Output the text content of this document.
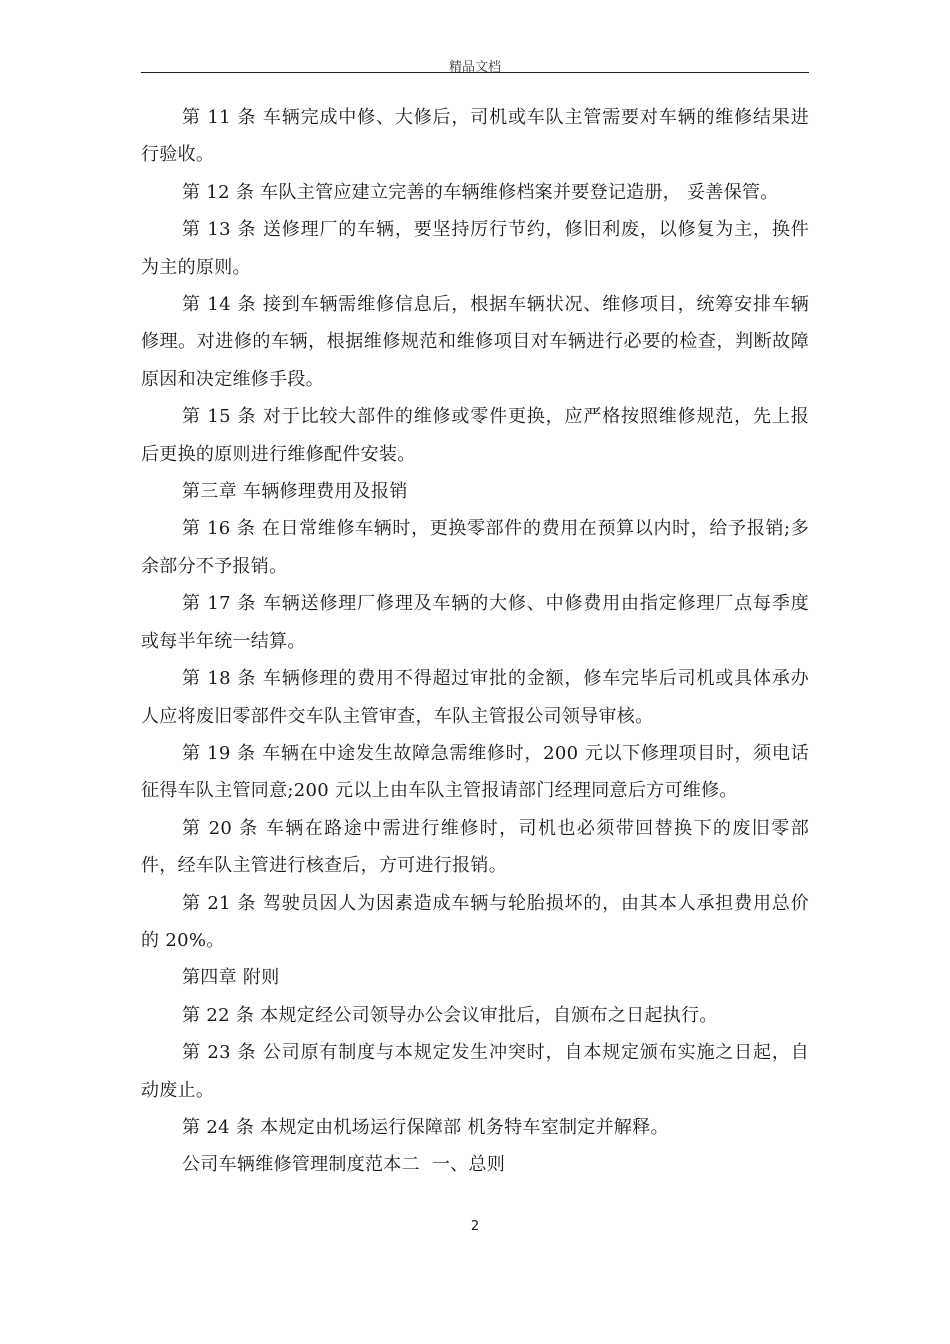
精品文档

第 11 条 车辆完成中修、大修后，司机或车队主管需要对车辆的维修结果进行验收。

第 12 条 车队主管应建立完善的车辆维修档案并要登记造册， 妥善保管。

第 13 条 送修理厂的车辆，要坚持厉行节约，修旧利废，以修复为主，换件为主的原则。

第 14 条 接到车辆需维修信息后，根据车辆状况、维修项目，统筹安排车辆修理。对进修的车辆，根据维修规范和维修项目对车辆进行必要的检查，判断故障原因和决定维修手段。

第 15 条 对于比较大部件的维修或零件更换，应严格按照维修规范，先上报后更换的原则进行维修配件安装。

第三章 车辆修理费用及报销

第 16 条 在日常维修车辆时，更换零部件的费用在预算以内时，给予报销;多余部分不予报销。

第 17 条 车辆送修理厂修理及车辆的大修、中修费用由指定修理厂点每季度或每半年统一结算。

第 18 条 车辆修理的费用不得超过审批的金额，修车完毕后司机或具体承办人应将废旧零部件交车队主管审查，车队主管报公司领导审核。

第 19 条 车辆在中途发生故障急需维修时，200 元以下修理项目时，须电话征得车队主管同意;200 元以上由车队主管报请部门经理同意后方可维修。

第 20 条 车辆在路途中需进行维修时，司机也必须带回替换下的废旧零部件，经车队主管进行核查后，方可进行报销。

第 21 条 驾驶员因人为因素造成车辆与轮胎损坏的，由其本人承担费用总价的 20%。

第四章 附则

第 22 条 本规定经公司领导办公会议审批后，自颁布之日起执行。

第 23 条 公司原有制度与本规定发生冲突时，自本规定颁布实施之日起，自动废止。

第 24 条 本规定由机场运行保障部 机务特车室制定并解释。

公司车辆维修管理制度范本二  一、总则

2
